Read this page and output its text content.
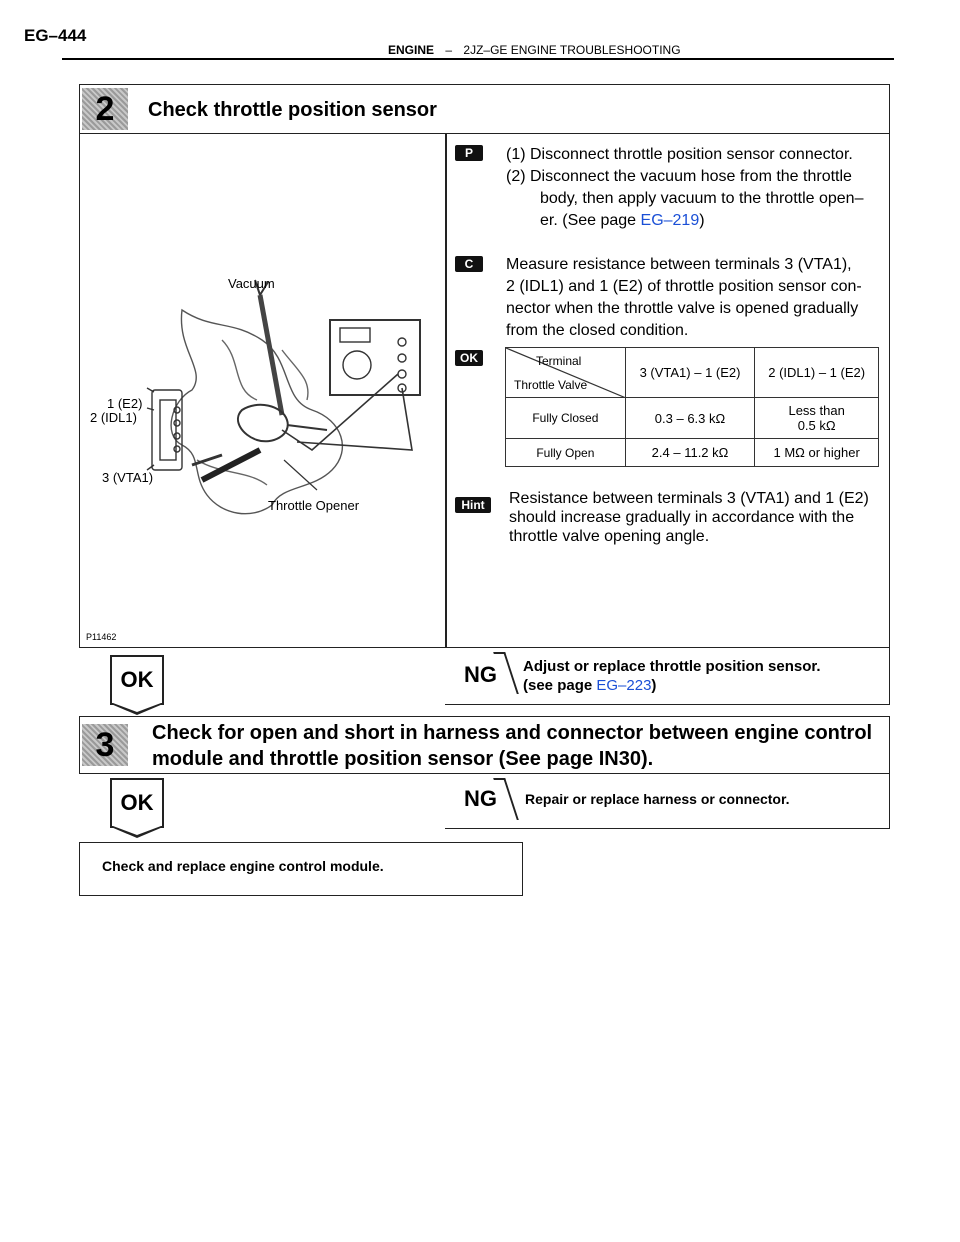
EG–444
ENGINE – 2JZ–GE ENGINE TROUBLESHOOTING
2	Check throttle position sensor
Vacuum
1 (E2)
2 (IDL1)
3 (VTA1)
Throttle Opener
P11462
P	(1) Disconnect throttle position sensor connector.
(2) Disconnect the vacuum hose from the throttle
body, then apply vacuum to the throttle open–
er. (See page EG–219)
C	Measure resistance between terminals 3 (VTA1),
2 (IDL1) and 1 (E2) of throttle position sensor con-
nector when the throttle valve is opened gradually
from the closed condition.
OK	Terminal
Throttle Valve	3 (VTA1) – 1 (E2)	2 (IDL1) – 1 (E2)
Fully Closed	0.3 – 6.3 kΩ	Less than
0.5 kΩ

Fully Open	2.4 – 11.2 kΩ	1 MΩ or higher
Hint	Resistance between terminals 3 (VTA1) and 1 (E2)
should increase gradually in accordance with the
throttle valve opening angle.
OK	NG Adjust or replace throttle position sensor.
(see page EG–223)
3	Check for open and short in harness and connector between engine control
module and throttle position sensor (See page IN30).
OK	NG Repair or replace harness or connector.
Check and replace engine control module.
